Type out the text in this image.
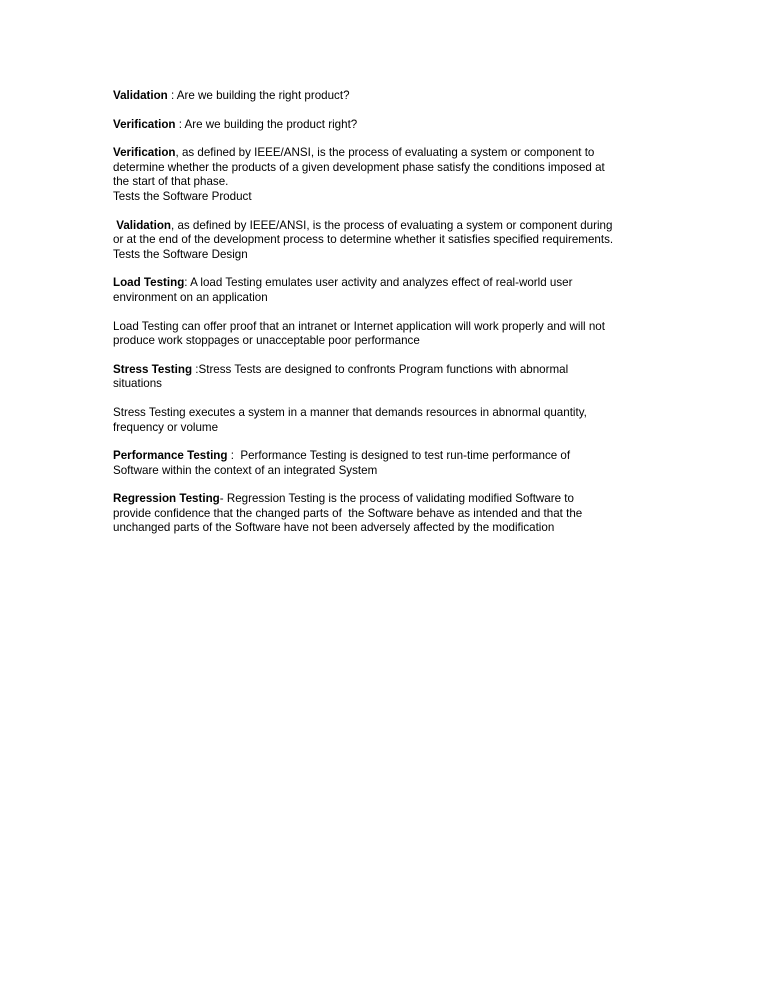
Validation : Are we building the right product?

Verification : Are we building the product right?

Verification, as defined by IEEE/ANSI, is the process of evaluating a system or component to
determine whether the products of a given development phase satisfy the conditions imposed at
the start of that phase.
Tests the Software Product

Validation, as defined by IEEE/ANSI, is the process of evaluating a system or component during
or at the end of the development process to determine whether it satisfies specified requirements.
Tests the Software Design

Load Testing: A load Testing emulates user activity and analyzes effect of real-world user
environment on an application

Load Testing can offer proof that an intranet or Internet application will work properly and will not
produce work stoppages or unacceptable poor performance

Stress Testing :Stress Tests are designed to confronts Program functions with abnormal
situations

Stress Testing executes a system in a manner that demands resources in abnormal quantity,
frequency or volume

Performance Testing :  Performance Testing is designed to test run-time performance of
Software within the context of an integrated System

Regression Testing- Regression Testing is the process of validating modified Software to
provide confidence that the changed parts of  the Software behave as intended and that the
unchanged parts of the Software have not been adversely affected by the modification
